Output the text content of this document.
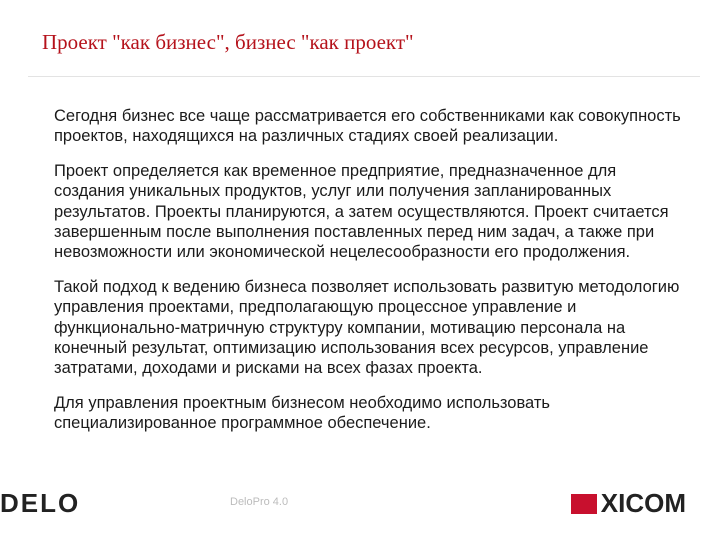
Проект "как бизнес", бизнес "как проект"

Сегодня бизнес все чаще рассматривается его собственниками как совокупность проектов, находящихся на различных стадиях своей реализации.

Проект определяется как временное предприятие, предназначенное для создания уникальных продуктов, услуг или получения запланированных результатов. Проекты планируются, а затем осуществляются. Проект считается завершенным после выполнения поставленных перед ним задач, а также при невозможности или экономической нецелесообразности его продолжения.

Такой подход к ведению бизнеса позволяет использовать развитую методологию управления проектами, предполагающую процессное управление и функционально-матричную структуру компании, мотивацию персонала на конечный результат, оптимизацию использования всех ресурсов, управление затратами, доходами и рисками на всех фазах проекта.

Для управления проектным бизнесом необходимо использовать специализированное программное обеспечение.

DELO	DeloPro 4.0	XICOM
